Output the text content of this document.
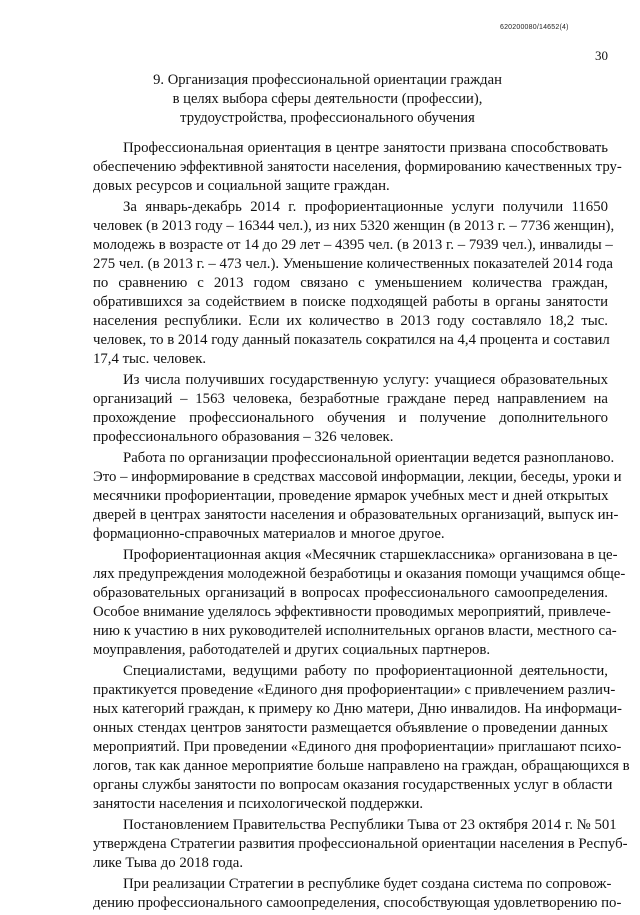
620200080/14652(4)
30
9. Организация профессиональной ориентации граждан
в целях выбора сферы деятельности (профессии),
трудоустройства, профессионального обучения
Профессиональная ориентация в центре занятости призвана способствовать
обеспечению эффективной занятости населения, формированию качественных тру-
довых ресурсов и социальной защите граждан.
За январь-декабрь 2014 г. профориентационные услуги получили 11650
человек (в 2013 году – 16344 чел.), из них 5320 женщин (в 2013 г. – 7736 женщин),
молодежь в возрасте от 14 до 29 лет – 4395 чел. (в 2013 г. – 7939 чел.), инвалиды –
275 чел. (в 2013 г. – 473 чел.). Уменьшение количественных показателей 2014 года
по сравнению с 2013 годом связано с уменьшением количества граждан,
обратившихся за содействием в поиске подходящей работы в органы занятости
населения республики. Если их количество в 2013 году составляло 18,2 тыс.
человек, то в 2014 году данный показатель сократился на 4,4 процента и составил
17,4 тыс. человек.
Из числа получивших государственную услугу: учащиеся образовательных
организаций – 1563 человека, безработные граждане перед направлением на
прохождение профессионального обучения и получение дополнительного
профессионального образования – 326 человек.
Работа по организации профессиональной ориентации ведется разнопланово.
Это – информирование в средствах массовой информации, лекции, беседы, уроки и
месячники профориентации, проведение ярмарок учебных мест и дней открытых
дверей в центрах занятости населения и образовательных организаций, выпуск ин-
формационно-справочных материалов и многое другое.
Профориентационная акция «Месячник старшеклассника» организована в це-
лях предупреждения молодежной безработицы и оказания помощи учащимся обще-
образовательных организаций в вопросах профессионального самоопределения.
Особое внимание уделялось эффективности проводимых мероприятий, привлече-
нию к участию в них руководителей исполнительных органов власти, местного са-
моуправления, работодателей и других социальных партнеров.
Специалистами, ведущими работу по профориентационной деятельности,
практикуется проведение «Единого дня профориентации» с привлечением различ-
ных категорий граждан, к примеру ко Дню матери, Дню инвалидов. На информаци-
онных стендах центров занятости размещается объявление о проведении данных
мероприятий. При проведении «Единого дня профориентации» приглашают психо-
логов, так как данное мероприятие больше направлено на граждан, обращающихся в
органы службы занятости по вопросам оказания государственных услуг в области
занятости населения и психологической поддержки.
Постановлением Правительства Республики Тыва от 23 октября 2014 г. № 501
утверждена Стратегии развития профессиональной ориентации населения в Респуб-
лике Тыва до 2018 года.
При реализации Стратегии в республике будет создана система по сопровож-
дению профессионального самоопределения, способствующая удовлетворению по-
